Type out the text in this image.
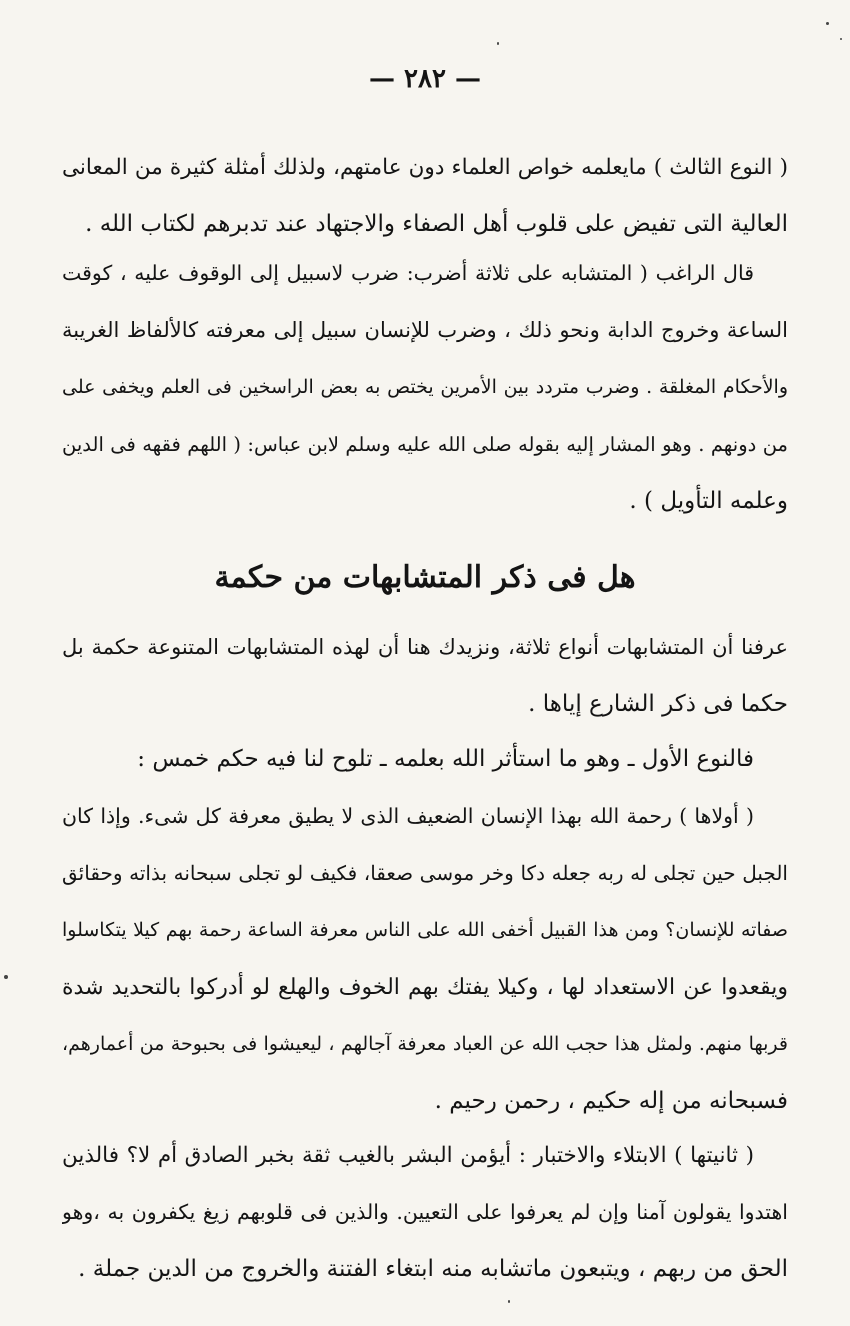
— ٢٨٢ —
( النوع الثالث ) مايعلمه خواص العلماء دون عامتهم، ولذلك أمثلة كثيرة من المعانى
العالية التى تفيض على قلوب أهل الصفاء والاجتهاد عند تدبرهم لكتاب الله .
قال الراغب ( المتشابه على ثلاثة أضرب: ضرب لاسبيل إلى الوقوف عليه ، كوقت
الساعة وخروج الدابة ونحو ذلك ، وضرب للإنسان سبيل إلى معرفته كالألفاظ الغريبة
والأحكام المغلقة . وضرب متردد بين الأمرين يختص به بعض الراسخين فى العلم ويخفى على
من دونهم . وهو المشار إليه بقوله صلى الله عليه وسلم لابن عباس: ( اللهم فقهه فى الدين
وعلمه التأويل ) .
هل فى ذكر المتشابهات من حكمة
عرفنا أن المتشابهات أنواع ثلاثة، ونزيدك هنا أن لهذه المتشابهات المتنوعة حكمة بل
حكما فى ذكر الشارع إياها .
فالنوع الأول ـ وهو ما استأثر الله بعلمه ـ تلوح لنا فيه حكم خمس :
( أولاها ) رحمة الله بهذا الإنسان الضعيف الذى لا يطيق معرفة كل شىء. وإذا كان
الجبل حين تجلى له ربه جعله دكا وخر موسى صعقا، فكيف لو تجلى سبحانه بذاته وحقائق
صفاته للإنسان؟ ومن هذا القبيل أخفى الله على الناس معرفة الساعة رحمة بهم كيلا يتكاسلوا
ويقعدوا عن الاستعداد لها ، وكيلا يفتك بهم الخوف والهلع لو أدركوا بالتحديد شدة
قربها منهم. ولمثل هذا حجب الله عن العباد معرفة آجالهم ، ليعيشوا فى بحبوحة من أعمارهم،
فسبحانه من إله حكيم ، رحمن رحيم .
( ثانيتها ) الابتلاء والاختبار : أيؤمن البشر بالغيب ثقة بخبر الصادق أم لا؟ فالذين
اهتدوا يقولون آمنا وإن لم يعرفوا على التعيين. والذين فى قلوبهم زيغ يكفرون به ،وهو
الحق من ربهم ، ويتبعون ماتشابه منه ابتغاء الفتنة والخروج من الدين جملة .
